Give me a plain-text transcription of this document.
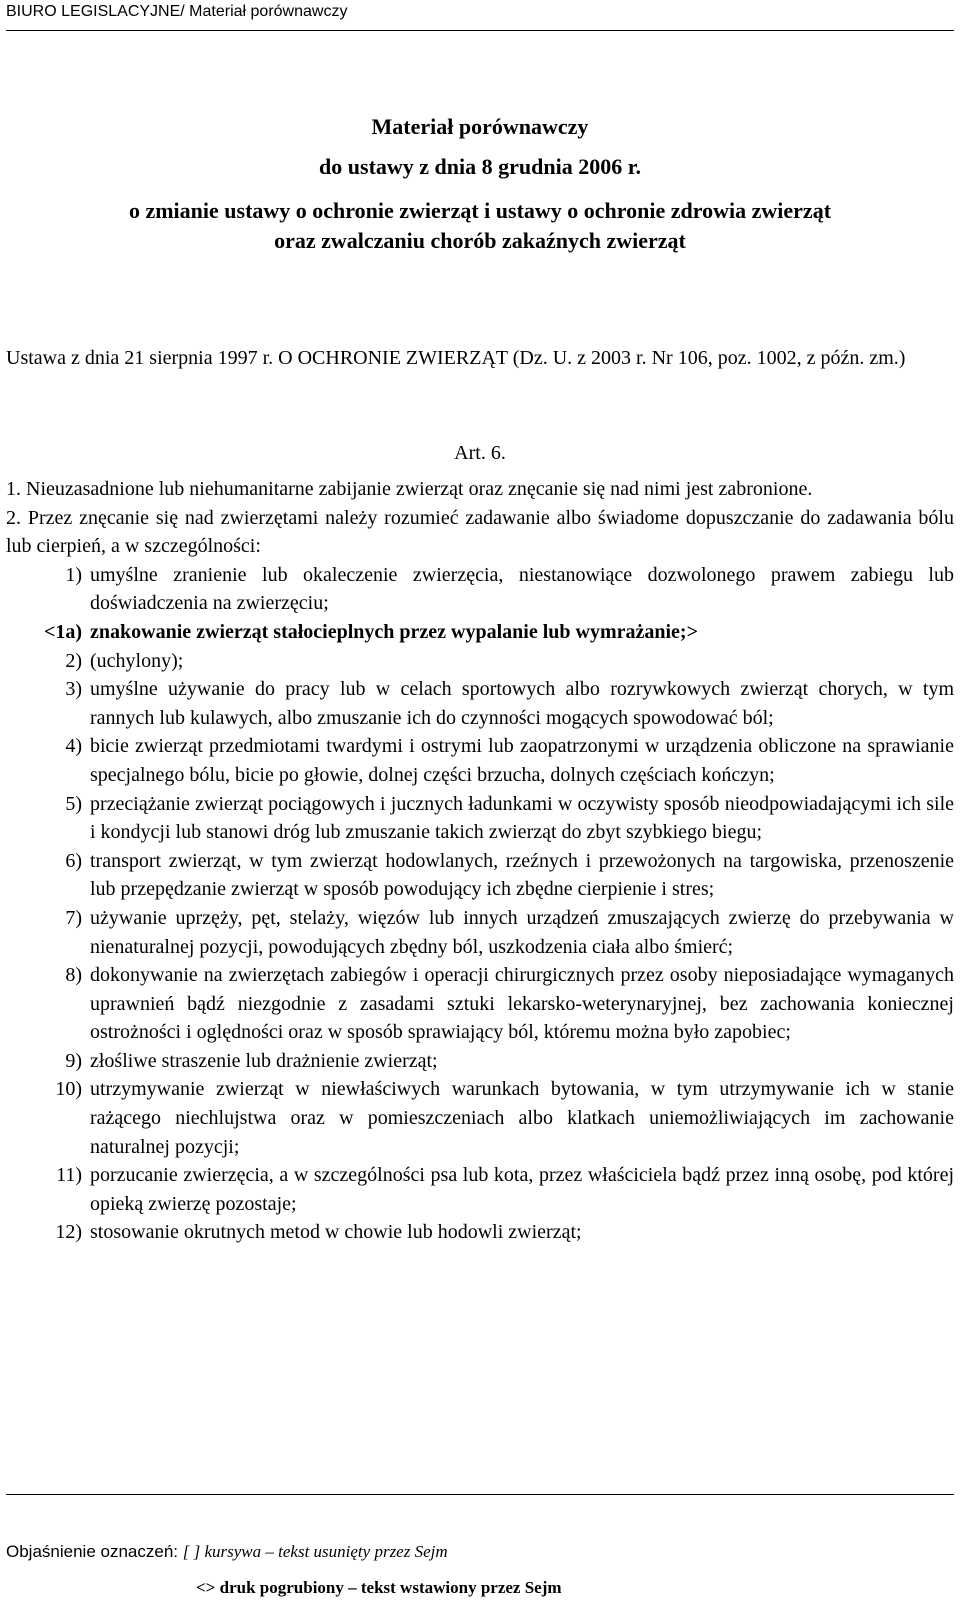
BIURO LEGISLACYJNE/ Materiał porównawczy
Materiał porównawczy
do ustawy z dnia 8 grudnia 2006 r.
o zmianie ustawy o ochronie zwierząt i ustawy o ochronie zdrowia zwierząt
oraz zwalczaniu chorób zakaźnych zwierząt
Ustawa z dnia 21 sierpnia 1997 r. O OCHRONIE ZWIERZĄT (Dz. U. z 2003 r. Nr 106, poz. 1002, z późn. zm.)
Art. 6.
1. Nieuzasadnione lub niehumanitarne zabijanie zwierząt oraz znęcanie się nad nimi jest zabronione.
2. Przez znęcanie się nad zwierzętami należy rozumieć zadawanie albo świadome dopuszczanie do zadawania bólu lub cierpień, a w szczególności:
1) umyślne zranienie lub okaleczenie zwierzęcia, niestanowiące dozwolonego prawem zabiegu lub doświadczenia na zwierzęciu;
<1a) znakowanie zwierząt stałocieplnych przez wypalanie lub wymrażanie;>
2) (uchylony);
3) umyślne używanie do pracy lub w celach sportowych albo rozrywkowych zwierząt chorych, w tym rannych lub kulawych, albo zmuszanie ich do czynności mogących spowodować ból;
4) bicie zwierząt przedmiotami twardymi i ostrymi lub zaopatrzonymi w urządzenia obliczone na sprawianie specjalnego bólu, bicie po głowie, dolnej części brzucha, dolnych częściach kończyn;
5) przeciążanie zwierząt pociągowych i jucznych ładunkami w oczywisty sposób nieodpowiadającymi ich sile i kondycji lub stanowi dróg lub zmuszanie takich zwierząt do zbyt szybkiego biegu;
6) transport zwierząt, w tym zwierząt hodowlanych, rzeźnych i przewożonych na targowiska, przenoszenie lub przepędzanie zwierząt w sposób powodujący ich zbędne cierpienie i stres;
7) używanie uprzęży, pęt, stelaży, więzów lub innych urządzeń zmuszających zwierzę do przebywania w nienaturalnej pozycji, powodujących zbędny ból, uszkodzenia ciała albo śmierć;
8) dokonywanie na zwierzętach zabiegów i operacji chirurgicznych przez osoby nieposiadające wymaganych uprawnień bądź niezgodnie z zasadami sztuki lekarsko-weterynaryjnej, bez zachowania koniecznej ostrożności i oględności oraz w sposób sprawiający ból, któremu można było zapobiec;
9) złośliwe straszenie lub drażnienie zwierząt;
10) utrzymywanie zwierząt w niewłaściwych warunkach bytowania, w tym utrzymywanie ich w stanie rażącego niechlujstwa oraz w pomieszczeniach albo klatkach uniemożliwiających im zachowanie naturalnej pozycji;
11) porzucanie zwierzęcia, a w szczególności psa lub kota, przez właściciela bądź przez inną osobę, pod której opieką zwierzę pozostaje;
12) stosowanie okrutnych metod w chowie lub hodowli zwierząt;
Objaśnienie oznaczeń: [ ] kursywa – tekst usunięty przez Sejm
<> druk pogrubiony – tekst wstawiony przez Sejm
